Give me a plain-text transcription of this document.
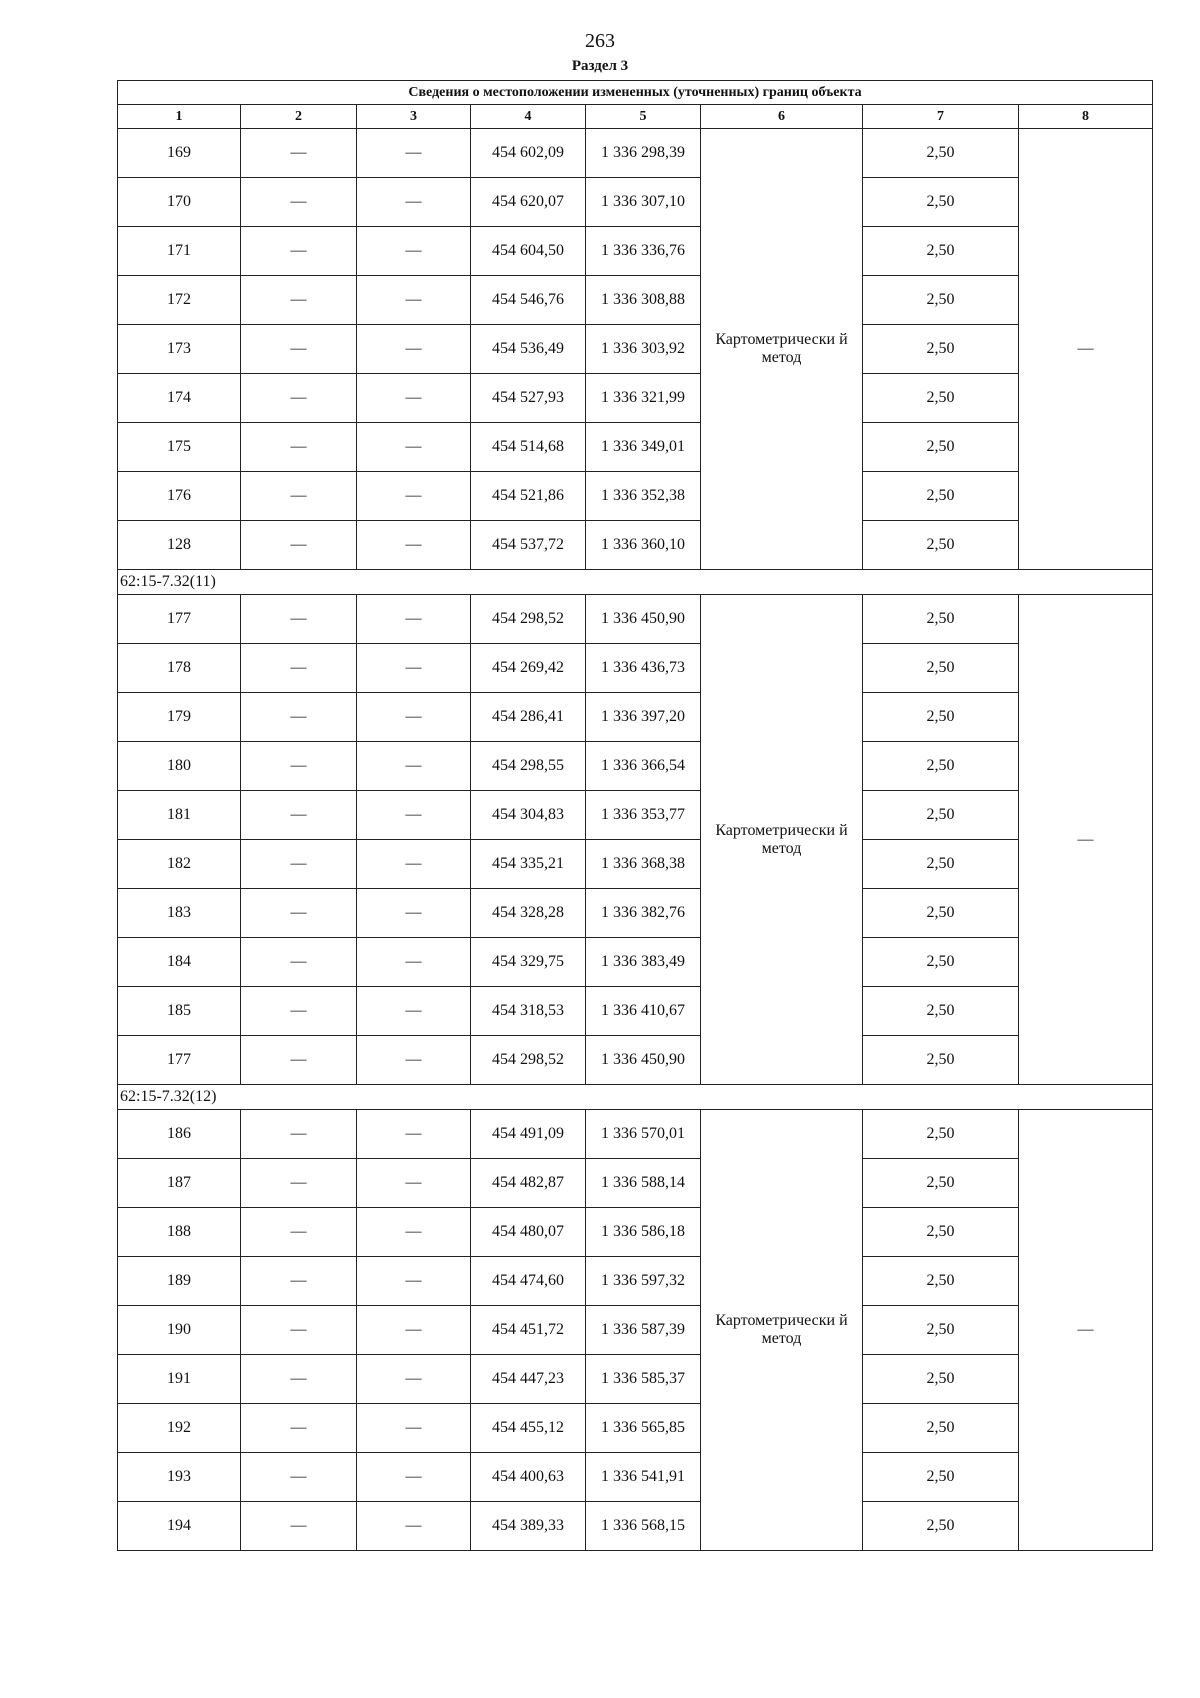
263
Раздел 3
Сведения о местоположении измененных (уточненных) границ объекта							
1	2	3	4	5	6	7	8
169	—	—	454 602,09	1 336 298,39	Картометрически й метод	2,50	—
170	—	—	454 620,07	1 336 307,10		2,50	
171	—	—	454 604,50	1 336 336,76		2,50	
172	—	—	454 546,76	1 336 308,88		2,50	
173	—	—	454 536,49	1 336 303,92		2,50	
174	—	—	454 527,93	1 336 321,99		2,50	
175	—	—	454 514,68	1 336 349,01		2,50	
176	—	—	454 521,86	1 336 352,38		2,50	
128	—	—	454 537,72	1 336 360,10		2,50	
62:15-7.32(11)							
177	—	—	454 298,52	1 336 450,90	Картометрически й метод	2,50	—
178	—	—	454 269,42	1 336 436,73		2,50	
179	—	—	454 286,41	1 336 397,20		2,50	
180	—	—	454 298,55	1 336 366,54		2,50	
181	—	—	454 304,83	1 336 353,77		2,50	
182	—	—	454 335,21	1 336 368,38		2,50	
183	—	—	454 328,28	1 336 382,76		2,50	
184	—	—	454 329,75	1 336 383,49		2,50	
185	—	—	454 318,53	1 336 410,67		2,50	
177	—	—	454 298,52	1 336 450,90		2,50	
62:15-7.32(12)							
186	—	—	454 491,09	1 336 570,01	Картометрически й метод	2,50	—
187	—	—	454 482,87	1 336 588,14		2,50	
188	—	—	454 480,07	1 336 586,18		2,50	
189	—	—	454 474,60	1 336 597,32		2,50	
190	—	—	454 451,72	1 336 587,39		2,50	
191	—	—	454 447,23	1 336 585,37		2,50	
192	—	—	454 455,12	1 336 565,85		2,50	
193	—	—	454 400,63	1 336 541,91		2,50	
194	—	—	454 389,33	1 336 568,15		2,50	
